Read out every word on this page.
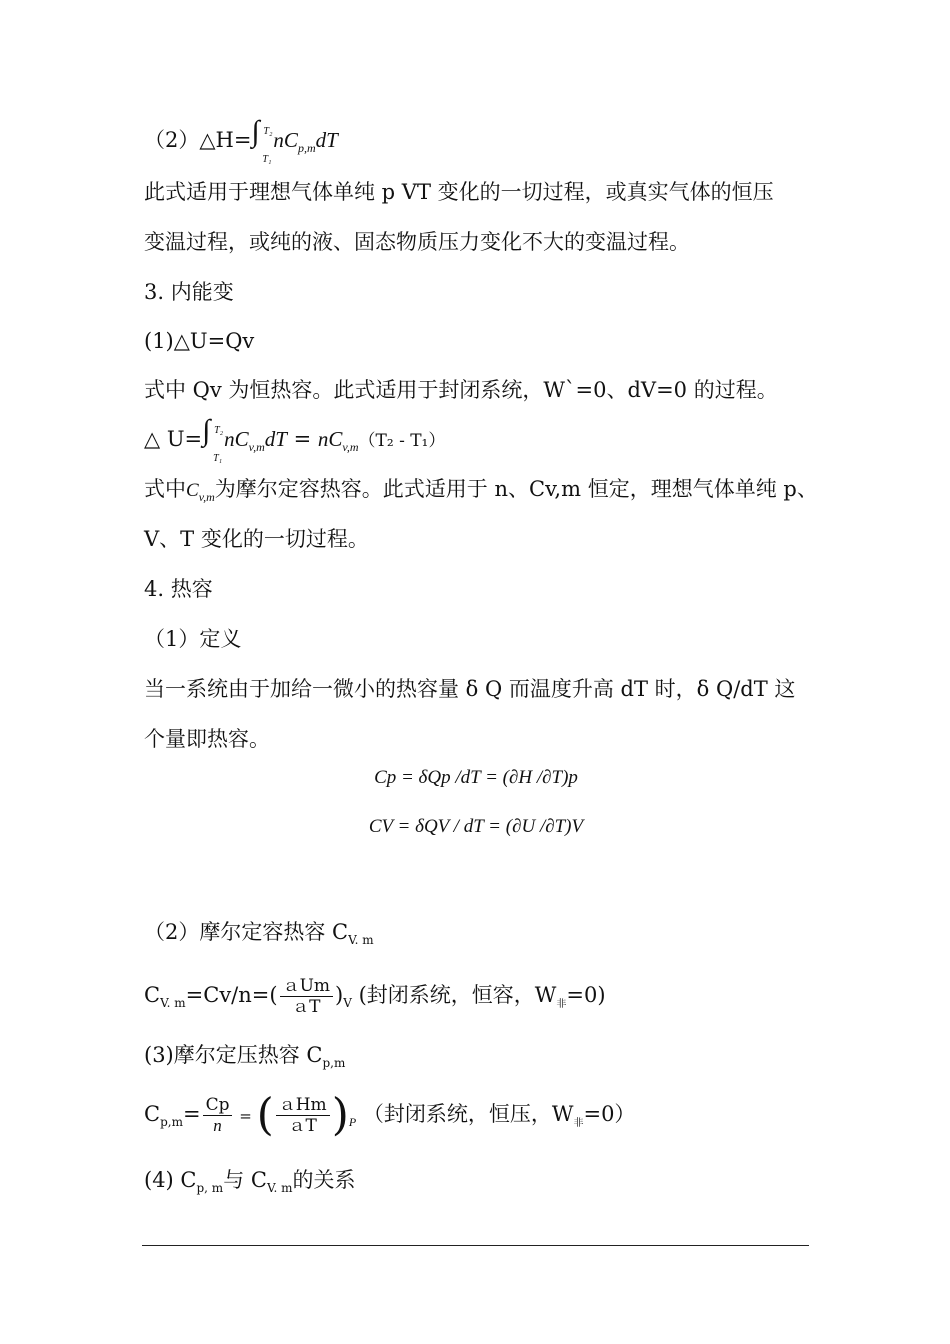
（2）△H= ∫ T₂
T₁
$nC_{p,m}dT$
此式适用于理想气体单纯 p VT 变化的一切过程，或真实气体的恒压
变温过程，或纯的液、固态物质压力变化不大的变温过程。
3. 内能变
(1)△U=Qv
式中 Qv 为恒热容。此式适用于封闭系统，W`=0、dV=0 的过程。
△ U= ∫ T₂
T₁
$nC_{v,m}dT = nC_{v,m}(T_2 - T_1)$
式中$C_{v,m}$为摩尔定容热容。此式适用于 n、Cv,m 恒定，理想气体单纯 p、
V、T 变化的一切过程。
4. 热容
（1）定义
当一系统由于加给一微小的热容量 δ Q 而温度升高 dT 时，δ Q/dT 这
个量即热容。
Cp = δQp /dT = (∂H /∂T)p
CV = δQV / dT = (∂U /∂T)V
（2）摩尔定容热容 $C_{V. m}$
$C_{V. m}=Cv/n=( \frac{\text{ａUm}}{\text{ａT}} )_V$ (封闭系统，恒容，$W_非=0$)
(3)摩尔定压热容 $C_{p,m}$
$C_{p,m}= \frac{Cp}{n}$ = ( $\frac{\text{ａHm}}{\text{ａT}} )_P$ （封闭系统，恒压，$W_非=0$）
(4) $C_{p, m}$与 $C_{V. m}$的关系
